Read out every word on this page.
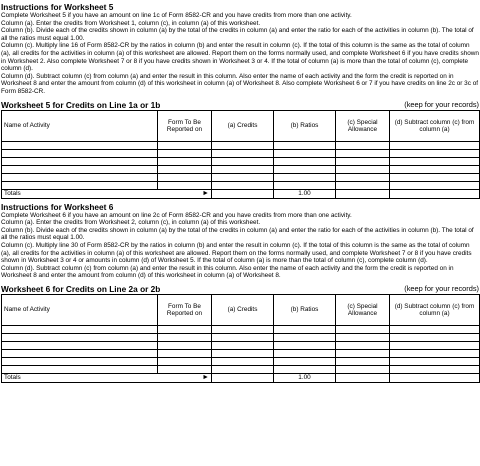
Instructions for Worksheet 5

Complete Worksheet 5 if you have an amount on line 1c of Form 8582-CR and you have credits from more than one activity.

Column (a). Enter the credits from Worksheet 1, column (c), in column (a) of this worksheet.

Column (b). Divide each of the credits shown in column (a) by the total of the credits in column (a) and enter the ratio for each of the activities in column (b). The total of all the ratios must equal 1.00.

Column (c). Multiply line 16 of Form 8582-CR by the ratios in column (b) and enter the result in column (c). If the total of this column is the same as the total of column (a), all credits for the activities in column (a) of this worksheet are allowed. Report them on the forms normally used, and complete Worksheet 6 if you have credits shown in Worksheet 2. Also complete Worksheet 7 or 8 if you have credits shown in Worksheet 3 or 4. If the total of column (a) is more than the total of column (c), complete column (d).

Column (d). Subtract column (c) from column (a) and enter the result in this column. Also enter the name of each activity and the form the credit is reported on in Worksheet 8 and enter the amount from column (d) of this worksheet in column (a) of Worksheet 8. Also complete Worksheet 6 or 7 if you have credits on line 2c or 3c of Form 8582-CR.

Worksheet 5 for Credits on Line 1a or 1b	(keep for your records)
Name of Activity	Form To Be Reported on	(a) Credits	(b) Ratios	(c) Special Allowance	(d) Subtract column (c) from column (a)

Totals ►			1.00		
Instructions for Worksheet 6

Complete Worksheet 6 if you have an amount on line 2c of Form 8582-CR and you have credits from more than one activity.

Column (a). Enter the credits from Worksheet 2, column (c), in column (a) of this worksheet.

Column (b). Divide each of the credits shown in column (a) by the total of the credits in column (a) and enter the ratio for each of the activities in column (b). The total of all the ratios must equal 1.00.

Column (c). Multiply line 30 of Form 8582-CR by the ratios in column (b) and enter the result in column (c). If the total of this column is the same as the total of column (a), all credits for the activities in column (a) of this worksheet are allowed. Report them on the forms normally used, and complete Worksheet 7 or 8 if you have credits shown in Worksheet 3 or 4 or amounts in column (d) of Worksheet 5. If the total of column (a) is more than the total of column (c), complete column (d).

Column (d). Subtract column (c) from column (a) and enter the result in this column. Also enter the name of each activity and the form the credit is reported on in Worksheet 8 and enter the amount from column (d) of this worksheet in column (a) of Worksheet 8.

Worksheet 6 for Credits on Line 2a or 2b	(keep for your records)
Name of Activity	Form To Be Reported on	(a) Credits	(b) Ratios	(c) Special Allowance	(d) Subtract column (c) from column (a)

Totals ►			1.00		
